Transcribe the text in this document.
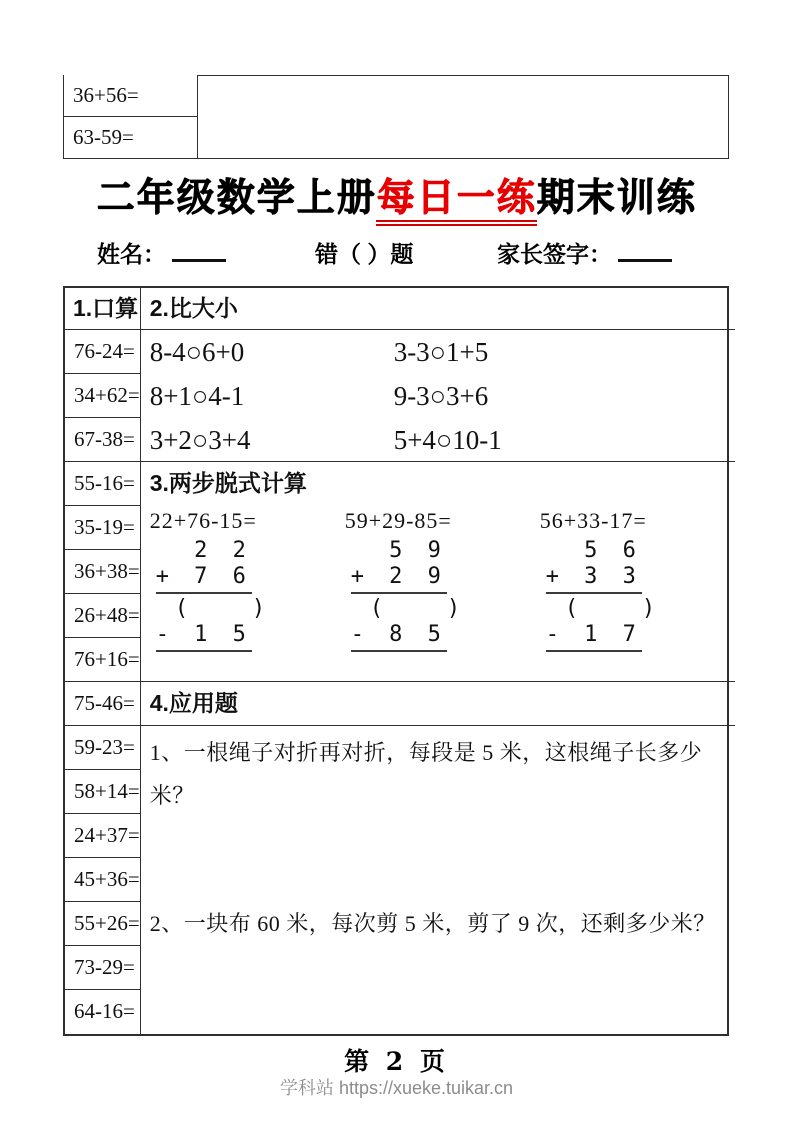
36+56=
63-59=
二年级数学上册每日一练期末训练
姓名：	错（ ）题	家长签字：
1.口算
76-24=
34+62=
67-38=
55-16=
35-19=
36+38=
26+48=
76+16=
75-46=
59-23=
58+14=
24+37=
45+36=
55+26=
73-29=
64-16=
2.比大小
8-4○6+0	3-3○1+5
8+1○4-1	9-3○3+6
3+2○3+4	5+4○10-1
3.两步脱式计算
22+76-15=
2 2
+ 7 6
(   )
- 1 5
59+29-85=
5 9
+ 2 9
(   )
- 8 5
56+33-17=
5 6
+ 3 3
(   )
- 1 7
4.应用题
1、一根绳子对折再对折，每段是 5 米，这根绳子长多少米？
2、一块布 60 米，每次剪 5 米，剪了 9 次，还剩多少米？
第 2 页
学科站 https://xueke.tuikar.cn
